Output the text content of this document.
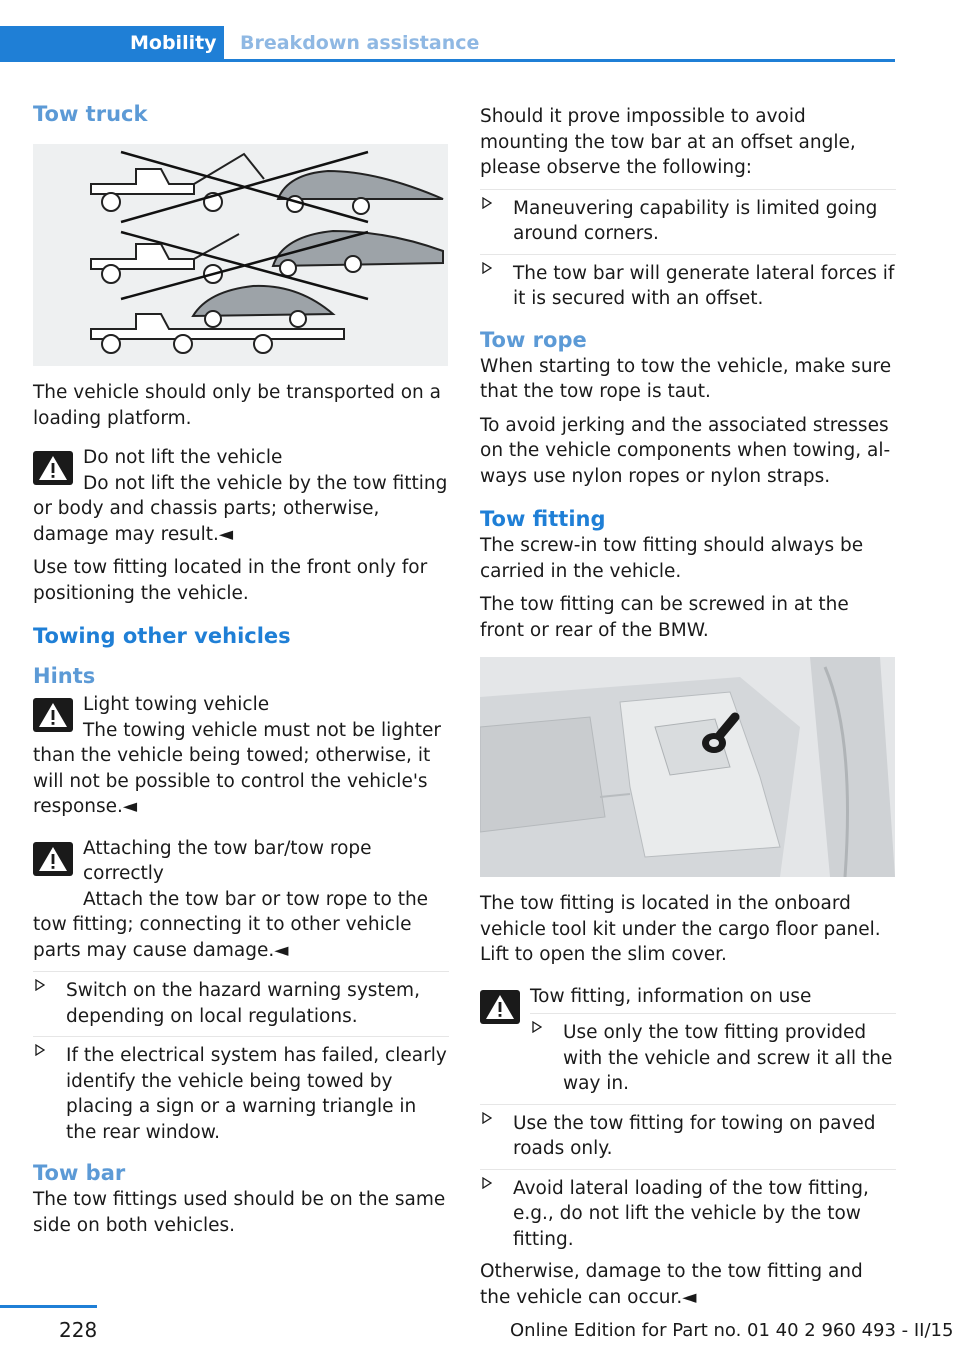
Mobility	Breakdown assistance
Tow truck

The vehicle should only be transported on a loading platform.

Do not lift the vehicle
Do not lift the vehicle by the tow fitting or body and chassis parts; otherwise, damage may result.◄

Use tow fitting located in the front only for positioning the vehicle.

Towing other vehicles
Hints
Light towing vehicle
The towing vehicle must not be lighter than the vehicle being towed; otherwise, it will not be possible to control the vehicle's response.◄
Attaching the tow bar/tow rope correctly
Attach the tow bar or tow rope to the tow fitting; connecting it to other vehicle parts may cause damage.◄
Switch on the hazard warning system, depending on local regulations.
If the electrical system has failed, clearly identify the vehicle being towed by placing a sign or a warning triangle in the rear window.
Tow bar

The tow fittings used should be on the same side on both vehicles.

Should it prove impossible to avoid mounting the tow bar at an offset angle, please observe the following:

Maneuvering capability is limited going around corners.
The tow bar will generate lateral forces if it is secured with an offset.
Tow rope

When starting to tow the vehicle, make sure that the tow rope is taut.

To avoid jerking and the associated stresses on the vehicle components when towing, always use nylon ropes or nylon straps.

Tow fitting

The screw-in tow fitting should always be carried in the vehicle.

The tow fitting can be screwed in at the front or rear of the BMW.

The tow fitting is located in the onboard vehicle tool kit under the cargo floor panel. Lift to open the slim cover.

Tow fitting, information on use
Use only the tow fitting provided with the vehicle and screw it all the way in.
Use the tow fitting for towing on paved roads only.
Avoid lateral loading of the tow fitting, e.g., do not lift the vehicle by the tow fitting.

Otherwise, damage to the tow fitting and the vehicle can occur.◄

228	Online Edition for Part no. 01 40 2 960 493 - II/15
